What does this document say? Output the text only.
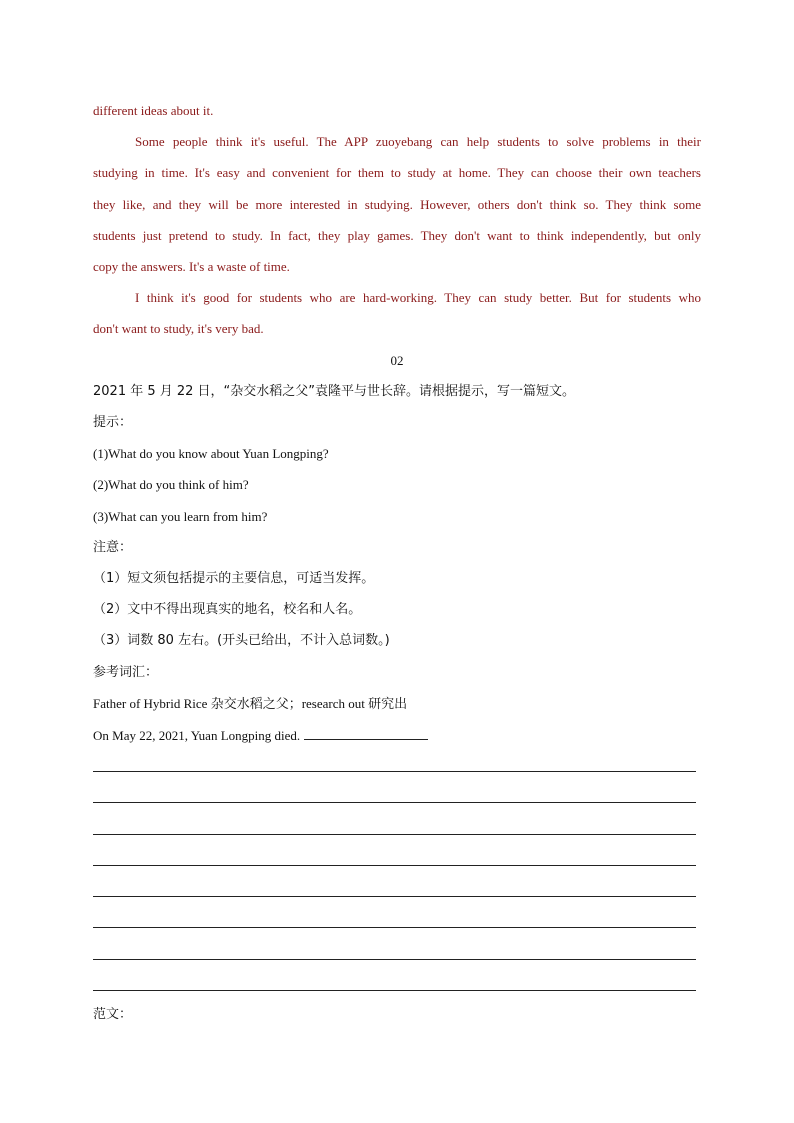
different ideas about it.
Some people think it's useful. The APP zuoyebang can help students to solve problems in their
studying in time. It's easy and convenient for them to study at home. They can choose their own teachers
they like, and they will be more interested in studying. However, others don't think so. They think some
students just pretend to study. In fact, they play games. They don't want to think independently, but only
copy the answers. It's a waste of time.
I think it's good for students who are hard-working. They can study better. But for students who
don't want to study, it's very bad.
02
2021 年 5 月 22 日，“杂交水稻之父”袁隆平与世长辞。请根据提示，写一篇短文。
提示：
(1)What do you know about Yuan Longping?
(2)What do you think of him?
(3)What can you learn from him?
注意：
（1）短文须包括提示的主要信息，可适当发挥。
（2）文中不得出现真实的地名，校名和人名。
（3）词数 80 左右。(开头已给出，不计入总词数。)
参考词汇：
Father of Hybrid Rice 杂交水稻之父；research out 研究出
On May 22, 2021, Yuan Longping died.
范文：
